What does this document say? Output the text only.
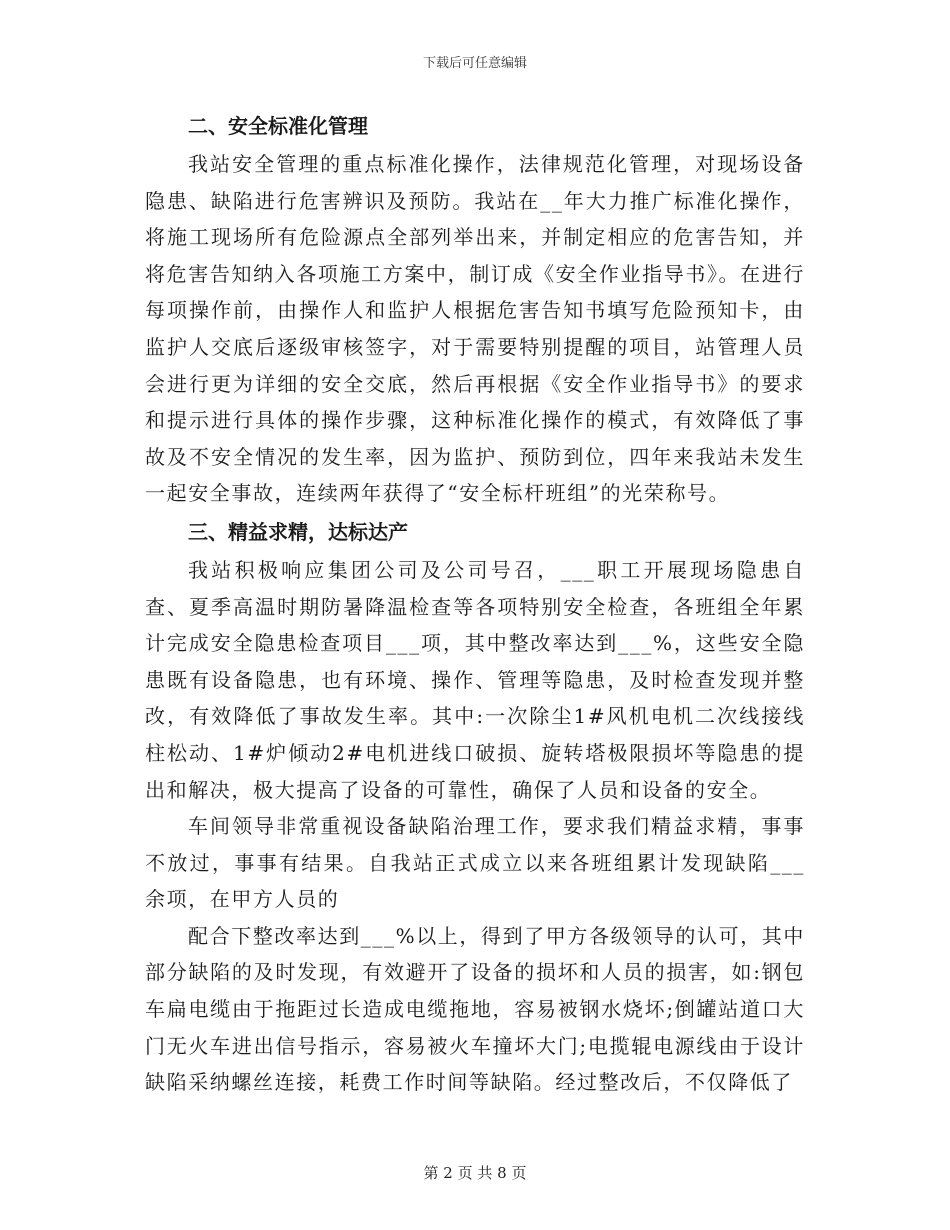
下载后可任意编辑
二、安全标准化管理

我站安全管理的重点标准化操作，法律规范化管理，对现场设备隐患、缺陷进行危害辨识及预防。我站在__年大力推广标准化操作，将施工现场所有危险源点全部列举出来，并制定相应的危害告知，并将危害告知纳入各项施工方案中，制订成《安全作业指导书》。在进行每项操作前，由操作人和监护人根据危害告知书填写危险预知卡，由监护人交底后逐级审核签字，对于需要特别提醒的项目，站管理人员会进行更为详细的安全交底，然后再根据《安全作业指导书》的要求和提示进行具体的操作步骤，这种标准化操作的模式，有效降低了事故及不安全情况的发生率，因为监护、预防到位，四年来我站未发生一起安全事故，连续两年获得了“安全标杆班组”的光荣称号。

三、精益求精，达标达产

我站积极响应集团公司及公司号召，___职工开展现场隐患自查、夏季高温时期防暑降温检查等各项特别安全检查，各班组全年累计完成安全隐患检查项目___项，其中整改率达到___%，这些安全隐患既有设备隐患，也有环境、操作、管理等隐患，及时检查发现并整改，有效降低了事故发生率。其中:一次除尘1#风机电机二次线接线柱松动、1#炉倾动2#电机进线口破损、旋转塔极限损坏等隐患的提出和解决，极大提高了设备的可靠性，确保了人员和设备的安全。

车间领导非常重视设备缺陷治理工作，要求我们精益求精，事事不放过，事事有结果。自我站正式成立以来各班组累计发现缺陷___余项，在甲方人员的

配合下整改率达到___%以上，得到了甲方各级领导的认可，其中部分缺陷的及时发现，有效避开了设备的损坏和人员的损害，如:钢包车扁电缆由于拖距过长造成电缆拖地，容易被钢水烧坏;倒罐站道口大门无火车进出信号指示，容易被火车撞坏大门;电揽辊电源线由于设计缺陷采纳螺丝连接，耗费工作时间等缺陷。经过整改后，不仅降低了

第 2 页 共 8 页
